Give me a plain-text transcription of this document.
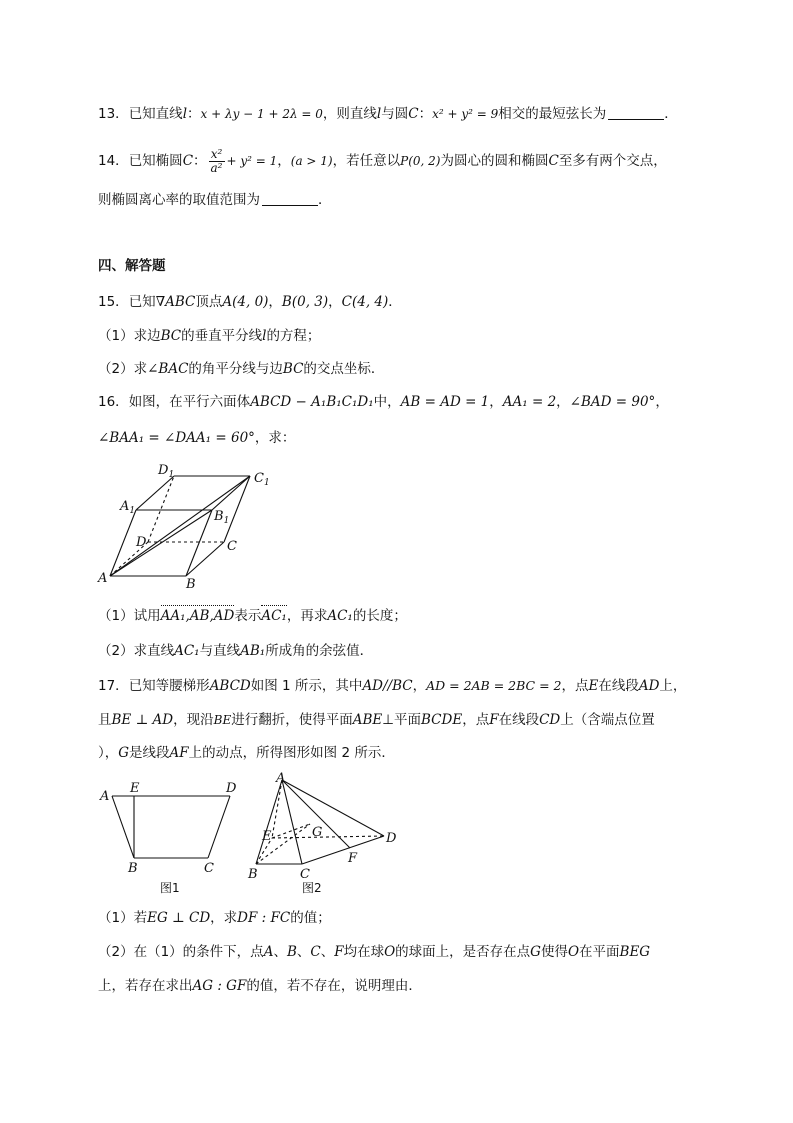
13．已知直线l：x + λy − 1 + 2λ = 0，则直线l与圆C：x² + y² = 9相交的最短弦长为	．
14．已知椭圆C： $\frac{\text{x²}}{\text{a²}} + y^2 = 1$，(a > 1)，若任意以P(0, 2)为圆心的圆和椭圆C至多有两个交点，
则椭圆离心率的取值范围为	．
四、解答题
15．已知∇ABC顶点A(4, 0)，B(0, 3)，C(4, 4)．
（1）求边BC的垂直平分线l的方程；
（2）求∠BAC的角平分线与边BC的交点坐标．
16．如图，在平行六面体ABCD − A₁B₁C₁D₁中，AB = AD = 1，AA₁ = 2，∠BAD = 90°，
∠BAA₁ = ∠DAA₁ = 60°，求：
A	B
C
D
$A_1$	$B_1$
$C_1$
$D_1$
（1）试用AA₁,AB,AD表示AC₁，再求AC₁的长度；
（2）求直线AC₁与直线AB₁所成角的余弦值．
17．已知等腰梯形ABCD如图 1 所示，其中AD//BC，AD = 2AB = 2BC = 2，点E在线段AD上，
且BE ⊥ AD，现沿BE进行翻折，使得平面ABE⊥平面BCDE，点F在线段CD上（含端点位置
），G是线段AF上的动点，所得图形如图 2 所示．
A
E	D
B	C
图1
A
E	G	D
F
B	C
图2
（1）若EG ⊥ CD，求DF : FC的值；
（2）在（1）的条件下，点A、B、C、F均在球O的球面上，是否存在点G使得O在平面BEG
上，若存在求出AG : GF的值，若不存在，说明理由．
